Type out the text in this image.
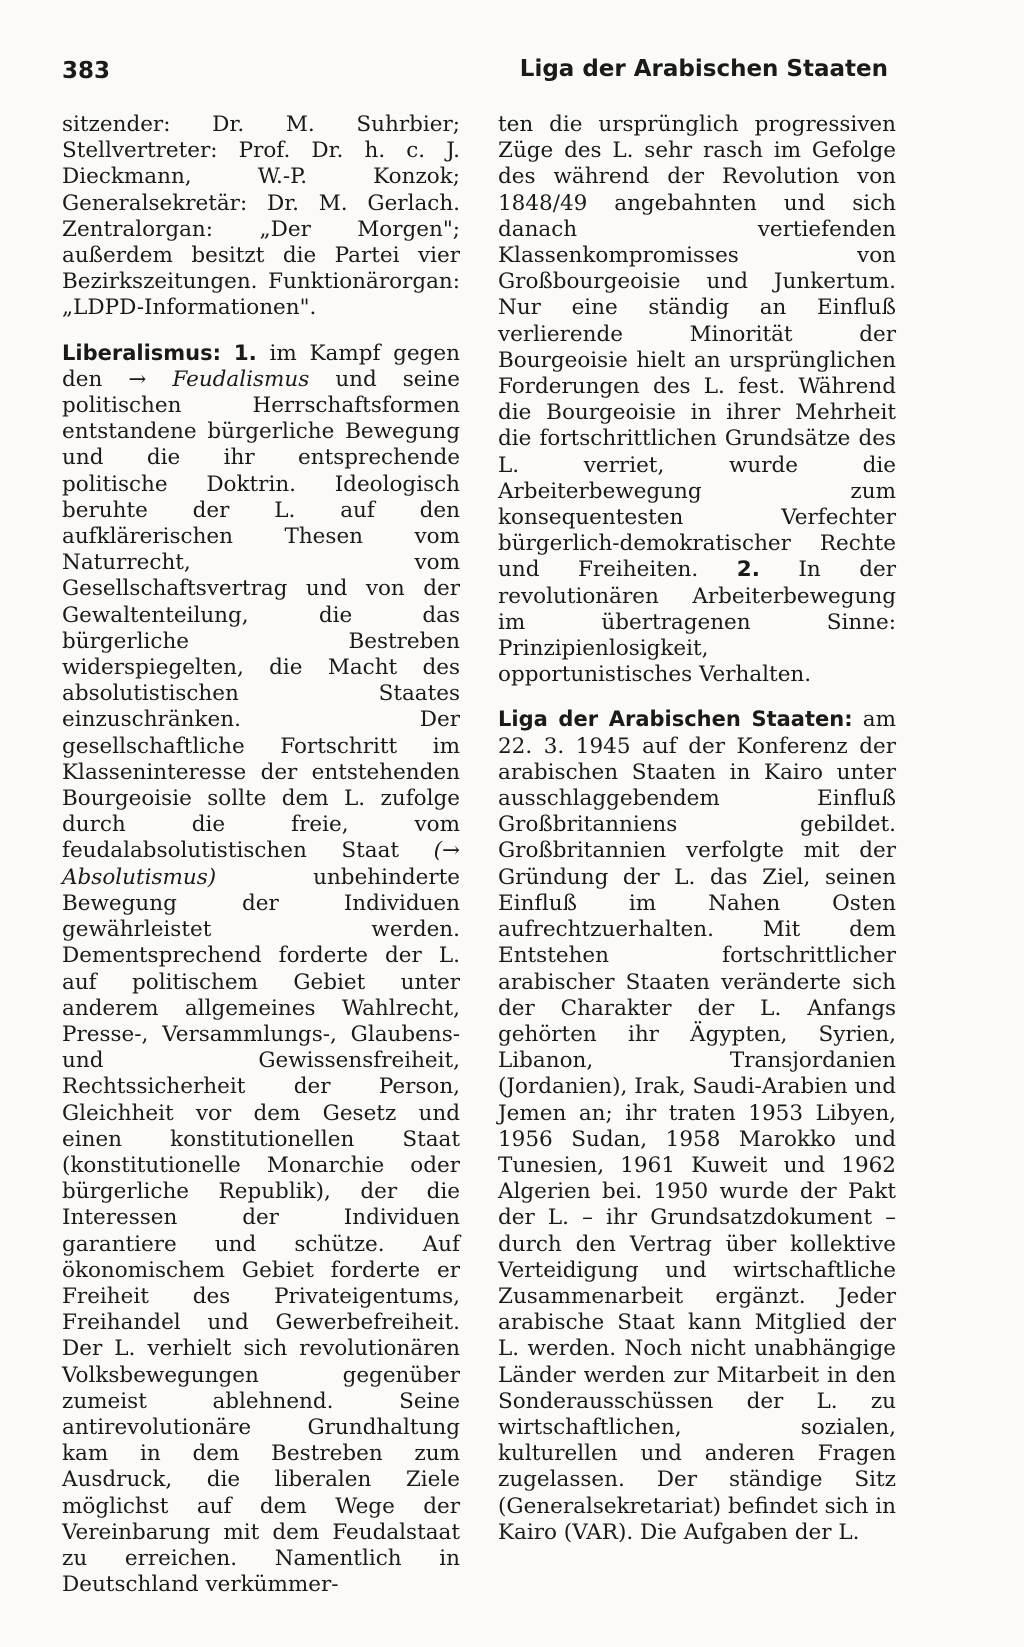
383	Liga der Arabischen Staaten

sitzender: Dr. M. Suhrbier; Stellvertreter: Prof. Dr. h. c. J. Dieckmann, W.-P. Konzok; Generalsekretär: Dr. M. Gerlach. Zentralorgan: „Der Morgen"; außerdem besitzt die Partei vier Bezirkszeitungen. Funktionärorgan: „LDPD-Informationen".

Liberalismus: 1. im Kampf gegen den → Feudalismus und seine politischen Herrschaftsformen entstandene bürgerliche Bewegung und die ihr entsprechende politische Doktrin. Ideologisch beruhte der L. auf den aufklärerischen Thesen vom Naturrecht, vom Gesellschaftsvertrag und von der Gewaltenteilung, die das bürgerliche Bestreben widerspiegelten, die Macht des absolutistischen Staates einzuschränken. Der gesellschaftliche Fortschritt im Klasseninteresse der entstehenden Bourgeoisie sollte dem L. zufolge durch die freie, vom feudalabsolutistischen Staat (→ Absolutismus)	unbehinderte Bewegung der Individuen gewährleistet werden. Dementsprechend forderte der L. auf politischem Gebiet unter anderem allgemeines Wahlrecht, Presse-, Versammlungs-, Glaubens- und Gewissensfreiheit, Rechtssicherheit der Person, Gleichheit vor dem Gesetz und einen konstitutionellen Staat (konstitutionelle Monarchie oder bürgerliche Republik), der die Interessen der Individuen garantiere und schütze. Auf ökonomischem Gebiet forderte er Freiheit des Privateigentums, Freihandel und Gewerbefreiheit. Der L. verhielt sich revolutionären Volksbewegungen gegenüber zumeist ablehnend. Seine antirevolutionäre Grundhaltung kam in dem Bestreben zum Ausdruck, die liberalen Ziele möglichst auf dem Wege der Vereinbarung mit dem Feudalstaat zu erreichen. Namentlich in Deutschland verkümmer-

ten die ursprünglich progressiven Züge des L. sehr rasch im Gefolge des während der Revolution von 1848/49 angebahnten und sich danach vertiefenden Klassenkompromisses von Großbourgeoisie und Junkertum. Nur eine ständig an Einfluß verlierende Minorität der Bourgeoisie hielt an ursprünglichen Forderungen des L. fest. Während die Bourgeoisie in ihrer Mehrheit die fortschrittlichen Grundsätze des L. verriet, wurde die Arbeiterbewegung zum konsequentesten Verfechter bürgerlich-demokratischer Rechte und Freiheiten. 2. In der revolutionären Arbeiterbewegung im übertragenen Sinne: Prinzipienlosigkeit, opportunistisches Verhalten.

Liga der Arabischen Staaten: am 22. 3. 1945 auf der Konferenz der arabischen Staaten in Kairo unter ausschlaggebendem Einfluß Großbritanniens gebildet. Großbritannien verfolgte mit der Gründung der L. das Ziel, seinen Einfluß im Nahen Osten aufrechtzuerhalten. Mit dem Entstehen fortschrittlicher arabischer Staaten veränderte sich der Charakter der L. Anfangs gehörten ihr Ägypten, Syrien, Libanon, Transjordanien (Jordanien), Irak, Saudi-Arabien und Jemen an; ihr traten 1953 Libyen, 1956 Sudan, 1958 Marokko und Tunesien, 1961 Kuweit und 1962 Algerien bei. 1950 wurde der Pakt der L. – ihr Grundsatzdokument – durch den Vertrag über kollektive Verteidigung und wirtschaftliche Zusammenarbeit ergänzt. Jeder arabische Staat kann Mitglied der L. werden. Noch nicht unabhängige Länder werden zur Mitarbeit in den Sonderausschüssen der L. zu wirtschaftlichen, sozialen, kulturellen und anderen Fragen zugelassen. Der ständige Sitz (Generalsekretariat) befindet sich in Kairo (VAR). Die Aufgaben der L.
